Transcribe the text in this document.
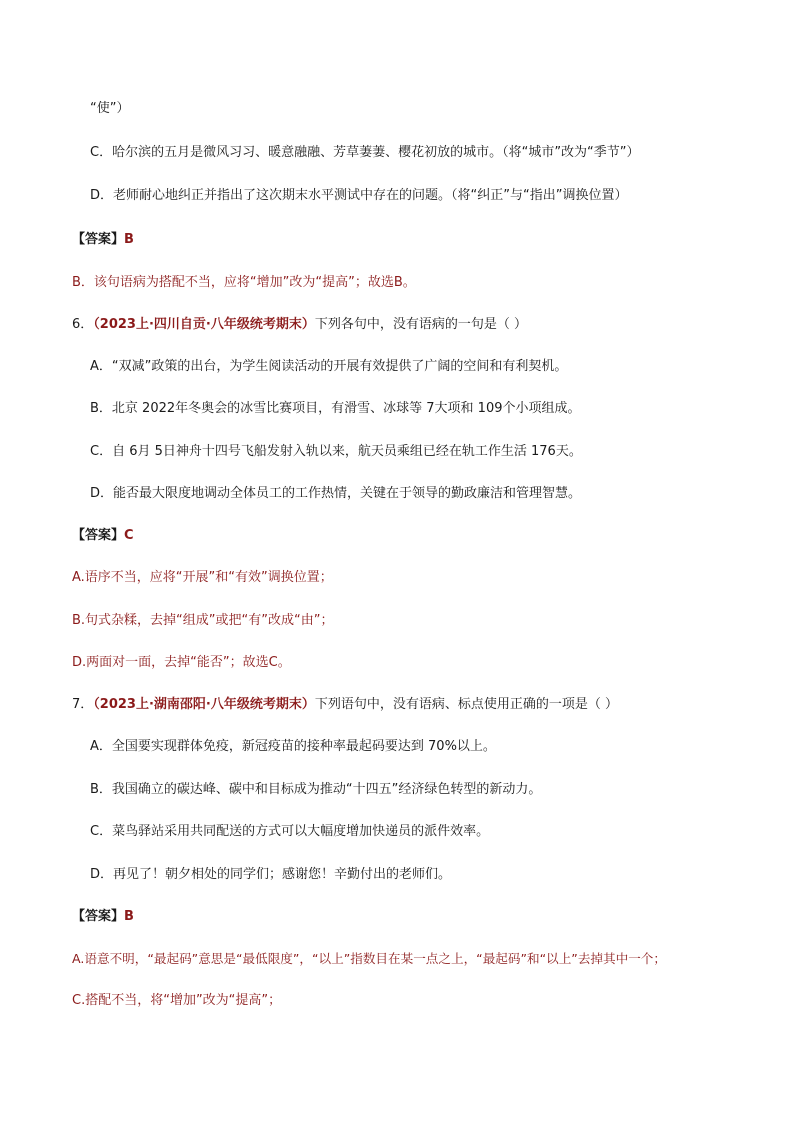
“使”）
C．哈尔滨的五月是微风习习、暖意融融、芳草萋萋、樱花初放的城市。（将“城市”改为“季节”）
D．老师耐心地纠正并指出了这次期末水平测试中存在的问题。（将“纠正”与“指出”调换位置）
【答案】B
B．该句语病为搭配不当，应将“增加”改为“提高”；故选B。
6．（2023上·四川自贡·八年级统考期末）下列各句中，没有语病的一句是（ ）
A．“双减”政策的出台，为学生阅读活动的开展有效提供了广阔的空间和有利契机。
B．北京 2022年冬奥会的冰雪比赛项目，有滑雪、冰球等 7大项和 109个小项组成。
C．自 6月 5日神舟十四号飞船发射入轨以来，航天员乘组已经在轨工作生活 176天。
D．能否最大限度地调动全体员工的工作热情，关键在于领导的勤政廉洁和管理智慧。
【答案】C
A.语序不当，应将“开展”和“有效”调换位置；
B.句式杂糅，去掉“组成”或把“有”改成“由”；
D.两面对一面，去掉“能否”；故选C。
7．（2023上·湖南邵阳·八年级统考期末）下列语句中，没有语病、标点使用正确的一项是（ ）
A．全国要实现群体免疫，新冠疫苗的接种率最起码要达到 70%以上。
B．我国确立的碳达峰、碳中和目标成为推动“十四五”经济绿色转型的新动力。
C．菜鸟驿站采用共同配送的方式可以大幅度增加快递员的派件效率。
D．再见了！朝夕相处的同学们；感谢您！辛勤付出的老师们。
【答案】B
A.语意不明，“最起码”意思是“最低限度”，“以上”指数目在某一点之上，“最起码”和“以上”去掉其中一个；
C.搭配不当，将“增加”改为“提高”；
